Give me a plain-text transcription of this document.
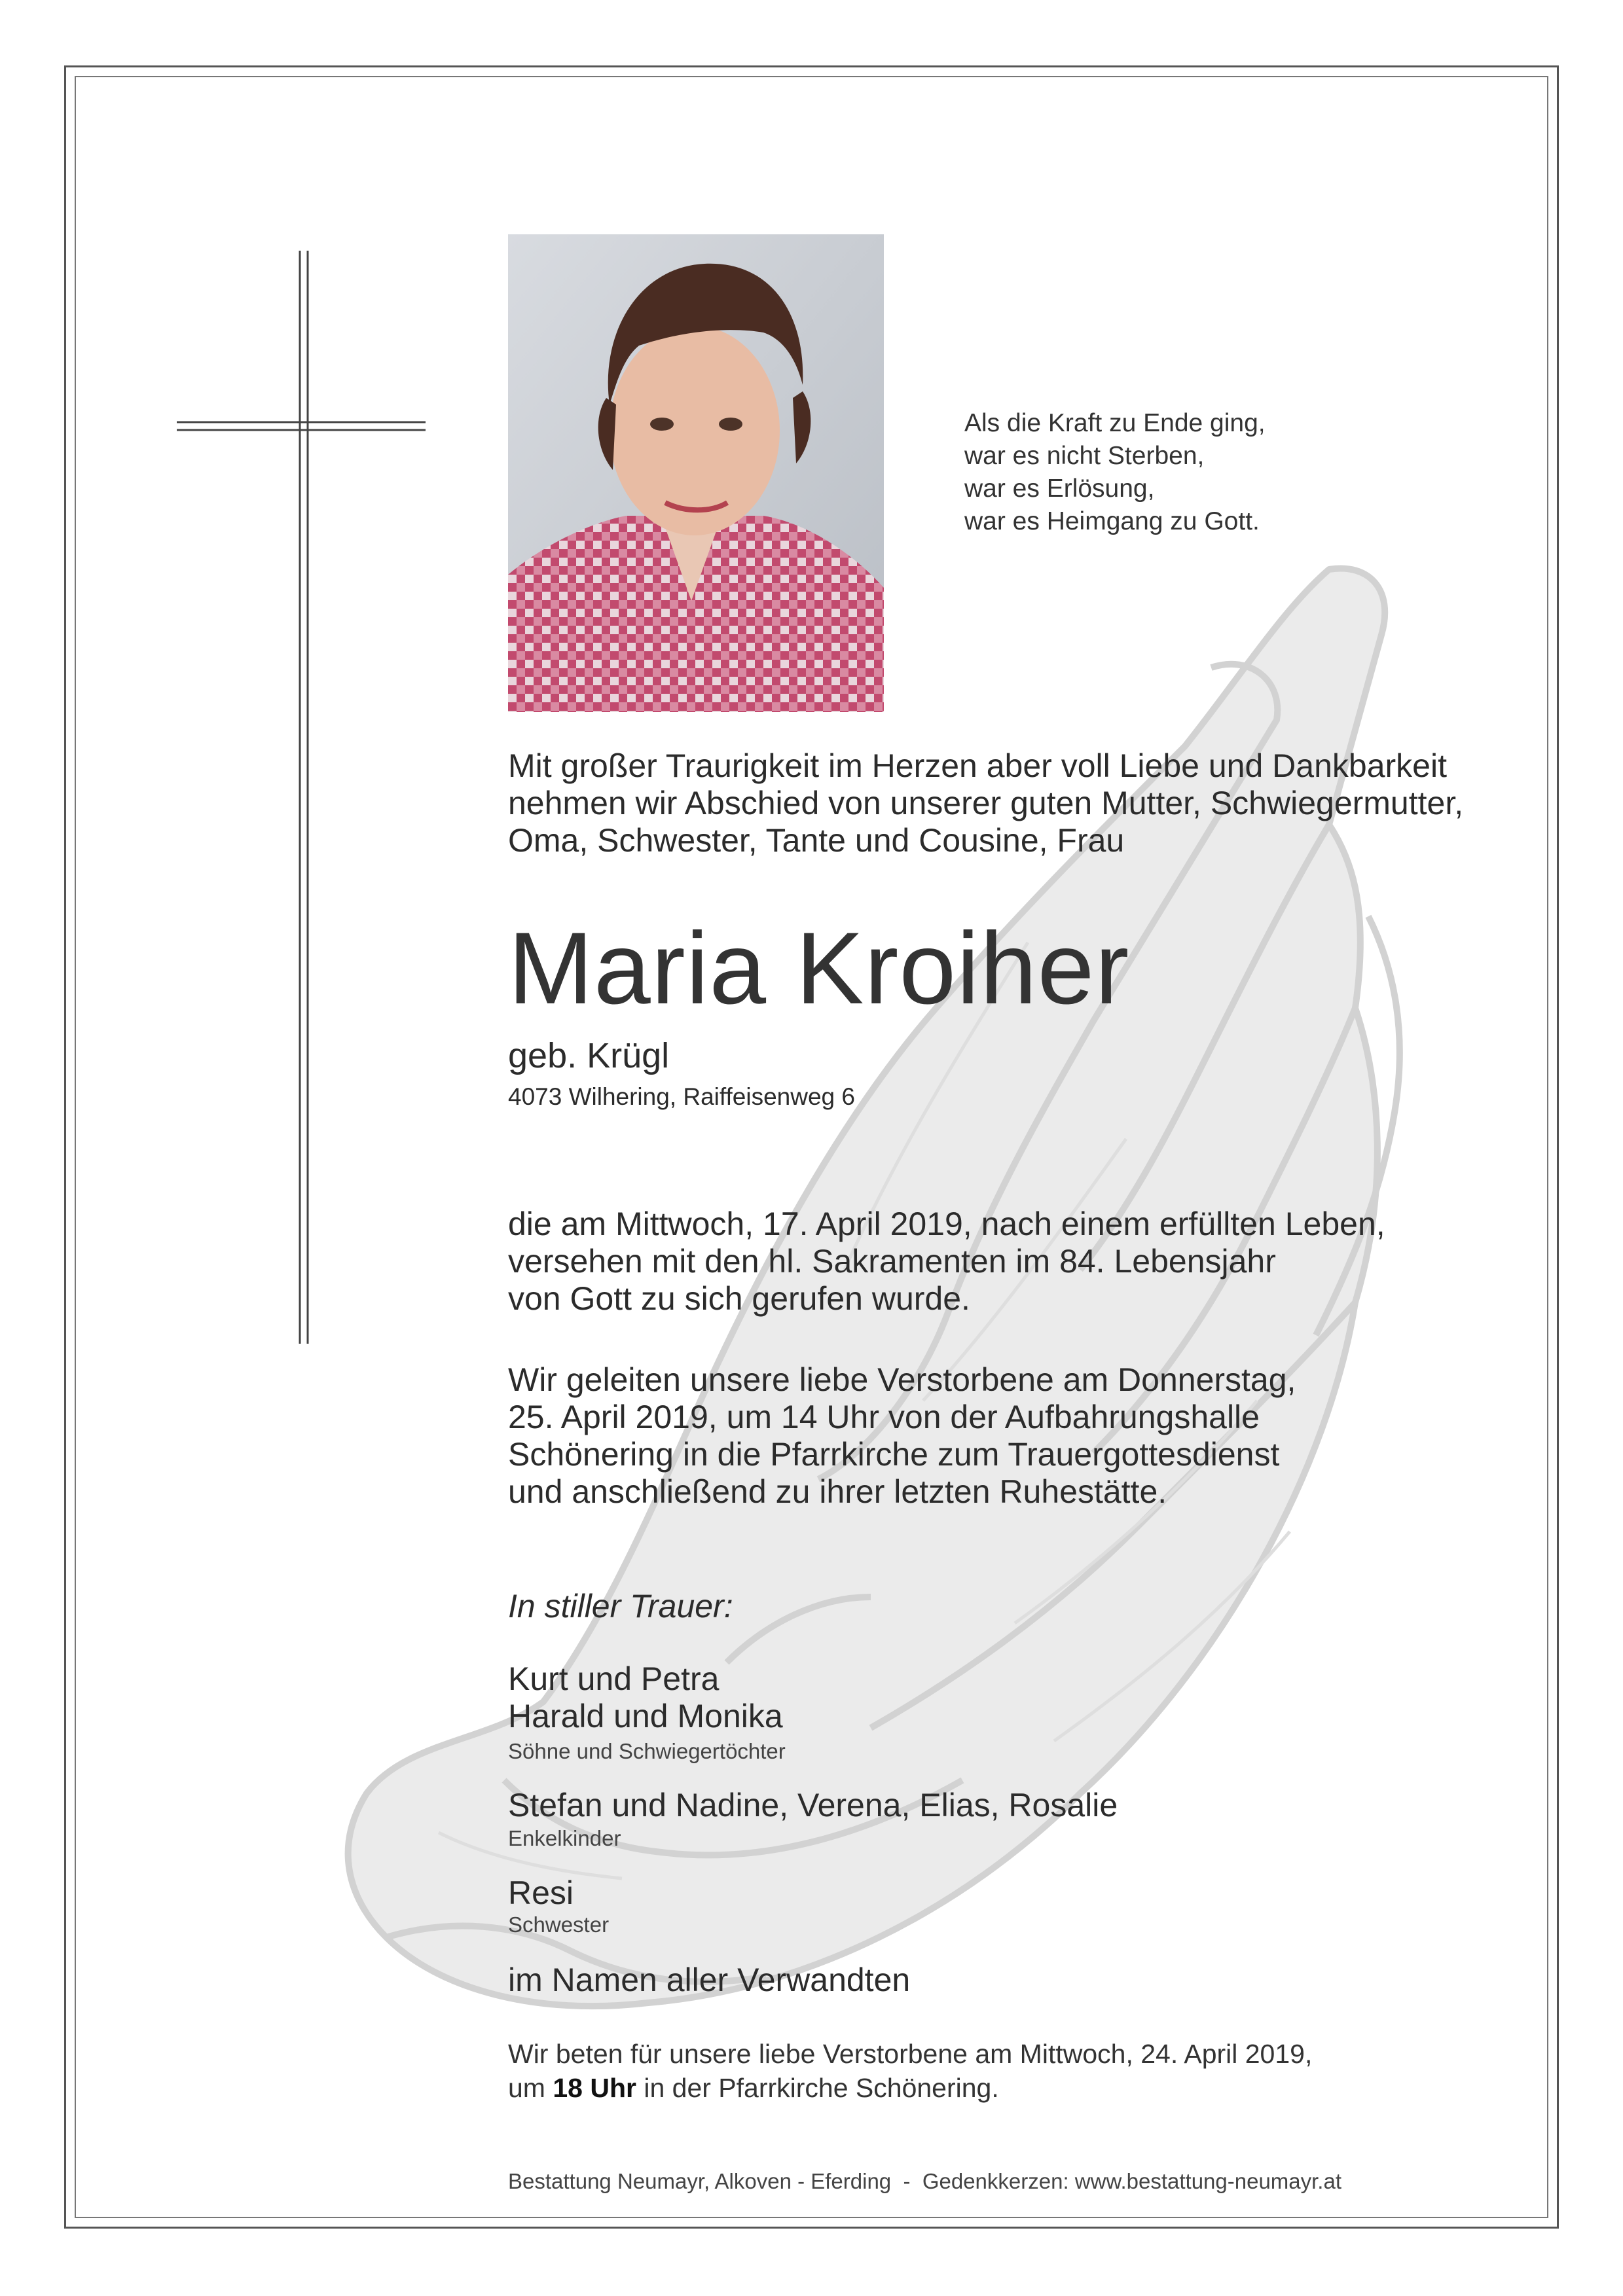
Als die Kraft zu Ende ging,
war es nicht Sterben,
war es Erlösung,
war es Heimgang zu Gott.
Mit großer Traurigkeit im Herzen aber voll Liebe und Dankbarkeit
nehmen wir Abschied von unserer guten Mutter, Schwiegermutter,
Oma, Schwester, Tante und Cousine, Frau
Maria Kroiher
geb. Krügl
4073 Wilhering, Raiffeisenweg 6
die am Mittwoch, 17. April 2019, nach einem erfüllten Leben,
versehen mit den hl. Sakramenten im 84. Lebensjahr
von Gott zu sich gerufen wurde.
Wir geleiten unsere liebe Verstorbene am Donnerstag,
25. April 2019, um 14 Uhr von der Aufbahrungshalle
Schönering in die Pfarrkirche zum Trauergottesdienst
und anschließend zu ihrer letzten Ruhestätte.
In stiller Trauer:
Kurt und Petra
Harald und Monika
Söhne und Schwiegertöchter
Stefan und Nadine, Verena, Elias, Rosalie
Enkelkinder
Resi
Schwester
im Namen aller Verwandten
Wir beten für unsere liebe Verstorbene am Mittwoch, 24. April 2019,
um 18 Uhr in der Pfarrkirche Schönering.
Bestattung Neumayr, Alkoven - Eferding  -  Gedenkkerzen: www.bestattung-neumayr.at
